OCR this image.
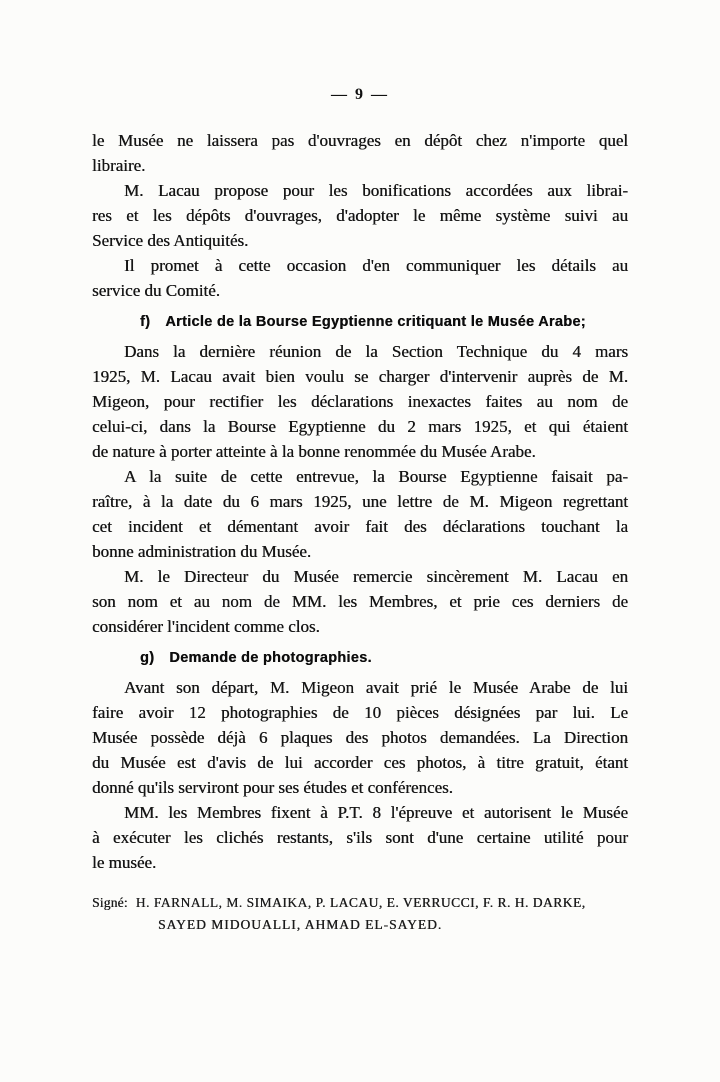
— 9 —
le Musée ne laissera pas d'ouvrages en dépôt chez n'importe quel
libraire.
M. Lacau propose pour les bonifications accordées aux librai-
res et les dépôts d'ouvrages, d'adopter le même système suivi au
Service des Antiquités.
Il promet à cette occasion d'en communiquer les détails au
service du Comité.
f) Article de la Bourse Egyptienne critiquant le Musée Arabe;
Dans la dernière réunion de la Section Technique du 4 mars
1925, M. Lacau avait bien voulu se charger d'intervenir auprès de M.
Migeon, pour rectifier les déclarations inexactes faites au nom de
celui-ci, dans la Bourse Egyptienne du 2 mars 1925, et qui étaient
de nature à porter atteinte à la bonne renommée du Musée Arabe.
A la suite de cette entrevue, la Bourse Egyptienne faisait pa-
raître, à la date du 6 mars 1925, une lettre de M. Migeon regrettant
cet incident et démentant avoir fait des déclarations touchant la
bonne administration du Musée.
M. le Directeur du Musée remercie sincèrement M. Lacau en
son nom et au nom de MM. les Membres, et prie ces derniers de
considérer l'incident comme clos.
g) Demande de photographies.
Avant son départ, M. Migeon avait prié le Musée Arabe de lui
faire avoir 12 photographies de 10 pièces désignées par lui. Le
Musée possède déjà 6 plaques des photos demandées. La Direction
du Musée est d'avis de lui accorder ces photos, à titre gratuit, étant
donné qu'ils serviront pour ses études et conférences.
MM. les Membres fixent à P.T. 8 l'épreuve et autorisent le Musée
à exécuter les clichés restants, s'ils sont d'une certaine utilité pour
le musée.
Signé: H. FARNALL, M. SIMAIKA, P. LACAU, E. VERRUCCI, F. R. H. DARKE,
SAYED MIDOUALLI, AHMAD EL-SAYED.
